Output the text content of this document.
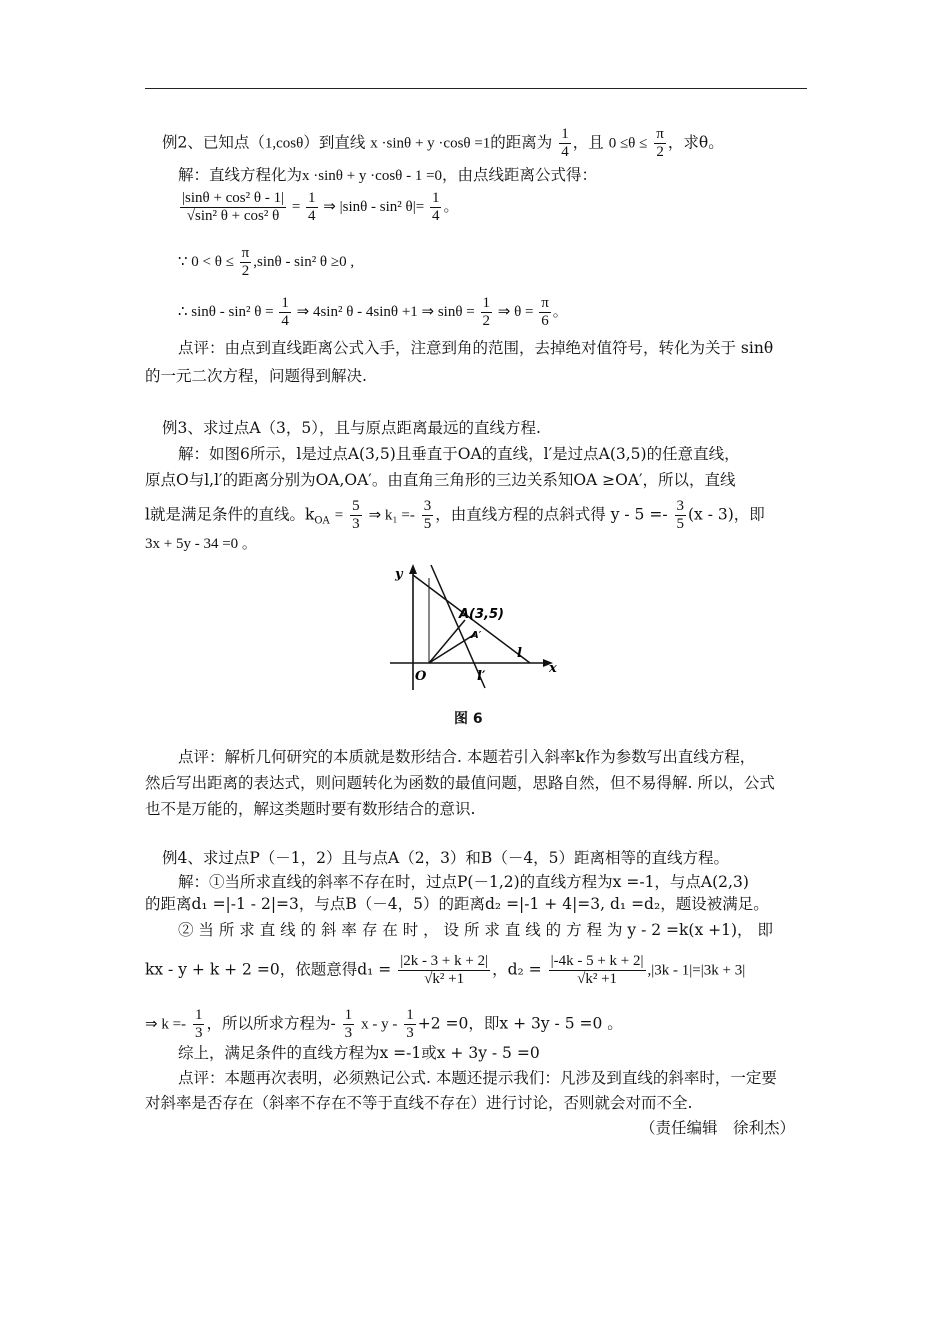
例2、已知点（1,cosθ）到直线 x ·sinθ + y ·cosθ =1的距离为 $\frac{1}{4}$ ，且 $0 \le\theta \le \frac{\pi}{2}$ ，求θ。
解：直线方程化为x ·sinθ + y ·cosθ - 1 =0，由点线距离公式得：
$\frac{\text{|sinθ + cos² θ - 1|}}{\text{√sin² θ + cos² θ}} = \frac{1}{4}$ ⇒ |sinθ - sin² $\theta|= \frac{1}{4}$ 。
∵ $0 < \theta \le \frac{\pi}{2} ,\sin\theta - \sin^2$ θ ≥0 ,
∴ sinθ - sin² $\theta = \frac{1}{4}$ ⇒ 4sin² θ - 4sinθ +1 ⇒ $\sin\theta = \frac{1}{2}$ ⇒ $\theta = \frac{\pi}{6}$ 。
点评：由点到直线距离公式入手，注意到角的范围，去掉绝对值符号，转化为关于 sinθ
的一元二次方程，问题得到解决.
例3、求过点A（3，5），且与原点距离最远的直线方程.
解：如图6所示，l是过点A(3,5)且垂直于OA的直线，l′是过点A(3,5)的任意直线，
原点O与l,l′的距离分别为OA,OA′。由直角三角形的三边关系知OA ≥OA′，所以，直线
l就是满足条件的直线。$k_{OA} = \frac{5}{3}$ ⇒ $k_1 =- \frac{3}{5}$ ，由直线方程的点斜式得 $y - 5 =- \frac{3}{5} (x - 3)$，即
3x + 5y - 34 =0 。
y
x
O
A(3,5)
A′
l
l′
图 6
点评：解析几何研究的本质就是数形结合. 本题若引入斜率k作为参数写出直线方程，
然后写出距离的表达式，则问题转化为函数的最值问题，思路自然，但不易得解. 所以，公式
也不是万能的，解这类题时要有数形结合的意识.
例4、求过点P（－1，2）且与点A（2，3）和B（－4，5）距离相等的直线方程。
解：①当所求直线的斜率不存在时，过点P(－1,2)的直线方程为x =-1，与点A(2,3)
的距离d₁ =|-1 - 2|=3，与点B（－4，5）的距离d₂ =|-1 + 4|=3, d₁ =d₂，题设被满足。
② 当 所 求 直 线 的 斜 率 存 在 时 ， 设 所 求 直 线 的 方 程 为 y - 2 =k(x +1)， 即
kx - y + k + 2 =0，依题意得$d_1 = \frac{|2k - 3 + k + 2|}{\text{√k² +1}}$ ，$d_2 = \frac{|-4k - 5 + k + 2|}{\text{√k² +1}} ,|3k - 1|=|3k + 3|$
⇒ $k =- \frac{1}{3}$ ，所以所求方程为- $\frac{1}{3}$ $x - y - \frac{1}{3} +2 =0$，即x + 3y - 5 =0 。
综上，满足条件的直线方程为x =-1或x + 3y - 5 =0
点评：本题再次表明，必须熟记公式. 本题还提示我们：凡涉及到直线的斜率时，一定要
对斜率是否存在（斜率不存在不等于直线不存在）进行讨论，否则就会对而不全.
（责任编辑　徐利杰）
